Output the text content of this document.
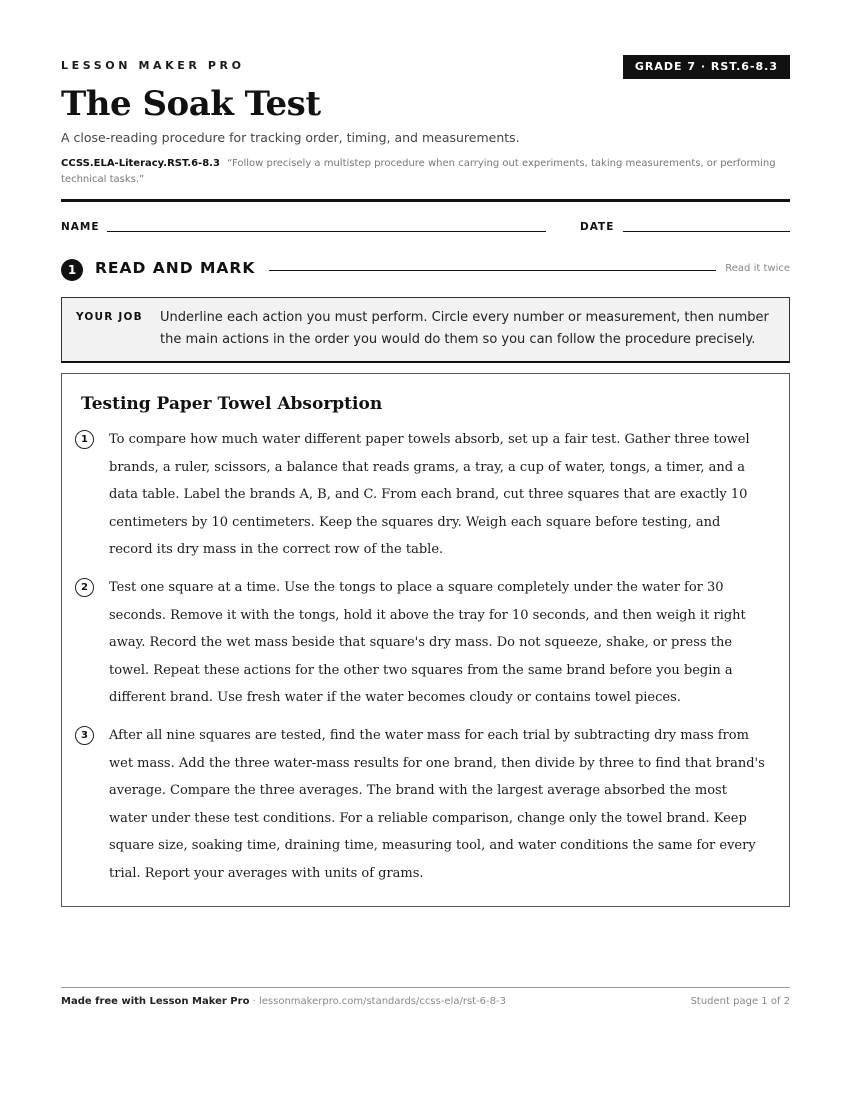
LESSON MAKER PRO	GRADE 7 · RST.6-8.3
The Soak Test
A close-reading procedure for tracking order, timing, and measurements.
CCSS.ELA-Literacy.RST.6-8.3 “Follow precisely a multistep procedure when carrying out experiments, taking measurements, or performing technical tasks.”
NAME	DATE
1	READ AND MARK	Read it twice
YOUR JOB Underline each action you must perform. Circle every number or measurement, then number the main actions in the order you would do them so you can follow the procedure precisely.
Testing Paper Towel Absorption
1	To compare how much water different paper towels absorb, set up a fair test. Gather three towel brands, a ruler, scissors, a balance that reads grams, a tray, a cup of water, tongs, a timer, and a data table. Label the brands A, B, and C. From each brand, cut three squares that are exactly 10 centimeters by 10 centimeters. Keep the squares dry. Weigh each square before testing, and record its dry mass in the correct row of the table.
2	Test one square at a time. Use the tongs to place a square completely under the water for 30 seconds. Remove it with the tongs, hold it above the tray for 10 seconds, and then weigh it right away. Record the wet mass beside that square's dry mass. Do not squeeze, shake, or press the towel. Repeat these actions for the other two squares from the same brand before you begin a different brand. Use fresh water if the water becomes cloudy or contains towel pieces.
3	After all nine squares are tested, find the water mass for each trial by subtracting dry mass from wet mass. Add the three water-mass results for one brand, then divide by three to find that brand's average. Compare the three averages. The brand with the largest average absorbed the most water under these test conditions. For a reliable comparison, change only the towel brand. Keep square size, soaking time, draining time, measuring tool, and water conditions the same for every trial. Report your averages with units of grams.
Made free with Lesson Maker Pro · lessonmakerpro.com/standards/ccss-ela/rst-6-8-3	Student page 1 of 2
